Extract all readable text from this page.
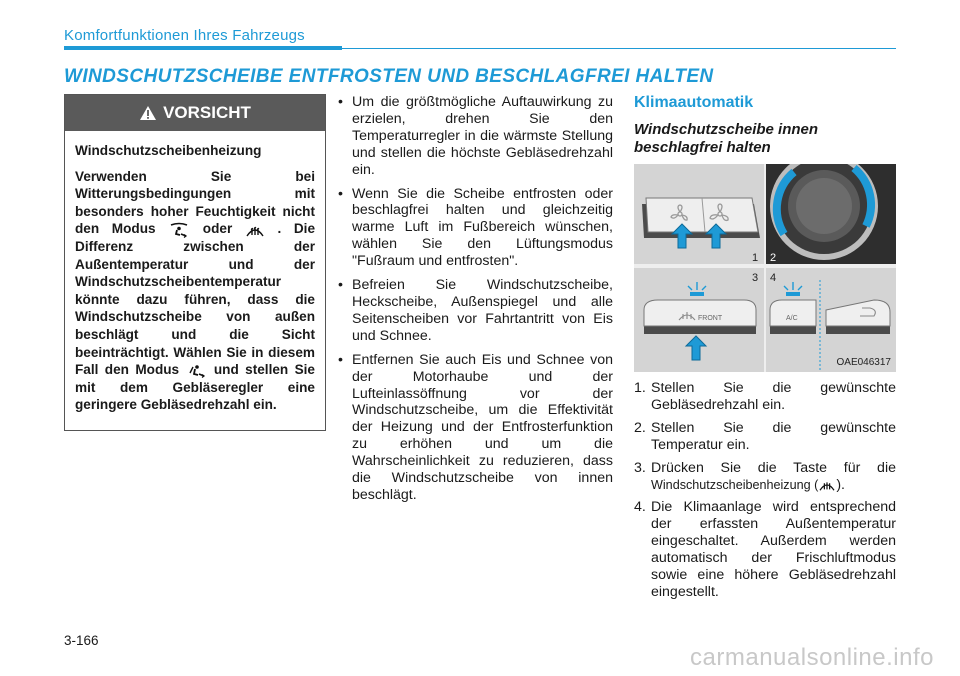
Komfortfunktionen Ihres Fahrzeugs
WINDSCHUTZSCHEIBE ENTFROSTEN UND BESCHLAGFREI HALTEN
VORSICHT
Windschutzscheibenheizung
Verwenden Sie bei Witterungsbedingungen mit besonders hoher Feuchtigkeit nicht den Modus	oder	. Die Differenz zwischen der Außentemperatur und der Windschutzscheibentemperatur könnte dazu führen, dass die Windschutzscheibe von außen beschlägt und die Sicht beeinträchtigt. Wählen Sie in diesem Fall den Modus	und stellen Sie mit dem Gebläseregler eine geringere Gebläsedrehzahl ein.
• Um die größtmögliche Auftauwirkung zu erzielen, drehen Sie den Temperaturregler in die wärmste Stellung und stellen die höchste Gebläsedrehzahl ein.
• Wenn Sie die Scheibe entfrosten oder beschlagfrei halten und gleichzeitig warme Luft im Fußbereich wünschen, wählen Sie den Lüftungsmodus "Fußraum und entfrosten".
• Befreien Sie Windschutzscheibe, Heckscheibe, Außenspiegel und alle Seitenscheiben vor Fahrtantritt von Eis und Schnee.
• Entfernen Sie auch Eis und Schnee von der Motorhaube und der Lufteinlassöffnung vor der Windschutzscheibe, um die Effektivität der Heizung und der Entfrosterfunktion zu erhöhen und um die Wahrscheinlichkeit zu reduzieren, dass die Windschutzscheibe von innen beschlägt.
Klimaautomatik
Windschutzscheibe innen beschlagfrei halten
FRONT	A/C
1 2
3 4
OAE046317
1. Stellen Sie die gewünschte Gebläsedrehzahl ein.
2. Stellen Sie die gewünschte Temperatur ein.
3. Drücken Sie die Taste für die Windschutzscheibenheizung ( ).
4. Die Klimaanlage wird entsprechend der erfassten Außentemperatur eingeschaltet. Außerdem werden automatisch der Frischluftmodus sowie eine höhere Gebläsedrehzahl eingestellt.
3-166
carmanualsonline.info
